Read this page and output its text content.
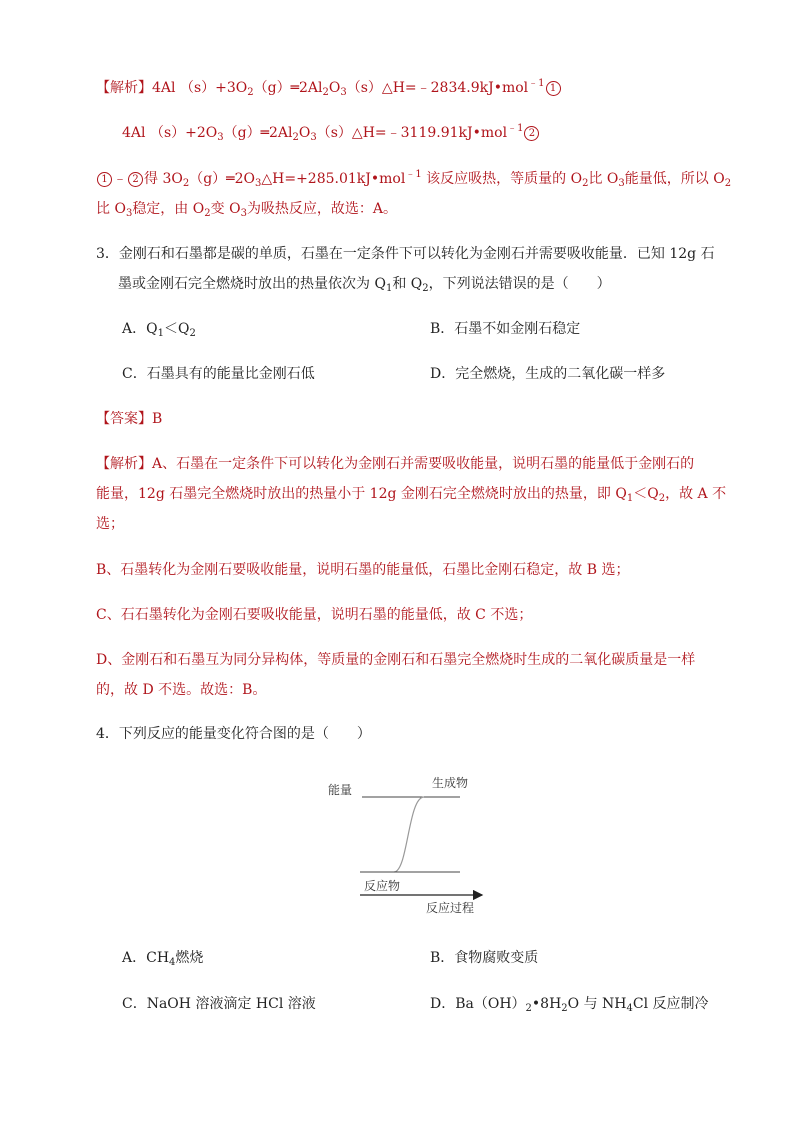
【解析】4Al $(s)+3O_2(g)═2Al_2O_3(s)\triangle H=﹣2834.9kJ•mol^{﹣1}$ 1
4Al $(s)+2O_3(g)═2Al_2O_3(s)\triangle H=﹣3119.91kJ•mol^{﹣1}$ 2
1 ﹣ 2 得 $3O_2(g)═2O_3\triangle H=+285.01kJ•mol^{﹣1}$ 该反应吸热，等质量的 $O_2$比 $O_3$能量低，所以 $O_2$
比 $O_3$稳定，由 $O_2$变 $O_3$为吸热反应，故选：A。
3．金刚石和石墨都是碳的单质，石墨在一定条件下可以转化为金刚石并需要吸收能量．已知 12g 石
墨或金刚石完全燃烧时放出的热量依次为 $Q_1$和 $Q_2$，下列说法错误的是（　　）
A．$Q_1<Q_2$	B．石墨不如金刚石稳定
C．石墨具有的能量比金刚石低	D．完全燃烧，生成的二氧化碳一样多
【答案】B
【解析】A、石墨在一定条件下可以转化为金刚石并需要吸收能量，说明石墨的能量低于金刚石的
能量，12g 石墨完全燃烧时放出的热量小于 12g 金刚石完全燃烧时放出的热量，即 $Q_1<Q_2$，故 A 不
选；
B、石墨转化为金刚石要吸收能量，说明石墨的能量低，石墨比金刚石稳定，故 B 选；
C、石石墨转化为金刚石要吸收能量，说明石墨的能量低，故 C 不选；
D、金刚石和石墨互为同分异构体，等质量的金刚石和石墨完全燃烧时生成的二氧化碳质量是一样
的，故 D 不选。故选：B。
4．下列反应的能量变化符合图的是（　　）
能量	生成物
反应物
反应过程
A．$CH_4$燃烧	B．食物腐败变质
C．NaOH 溶液滴定 HCl 溶液	D．$Ba(OH)_2•8H_2O$ 与 $NH_4Cl$ 反应制冷
